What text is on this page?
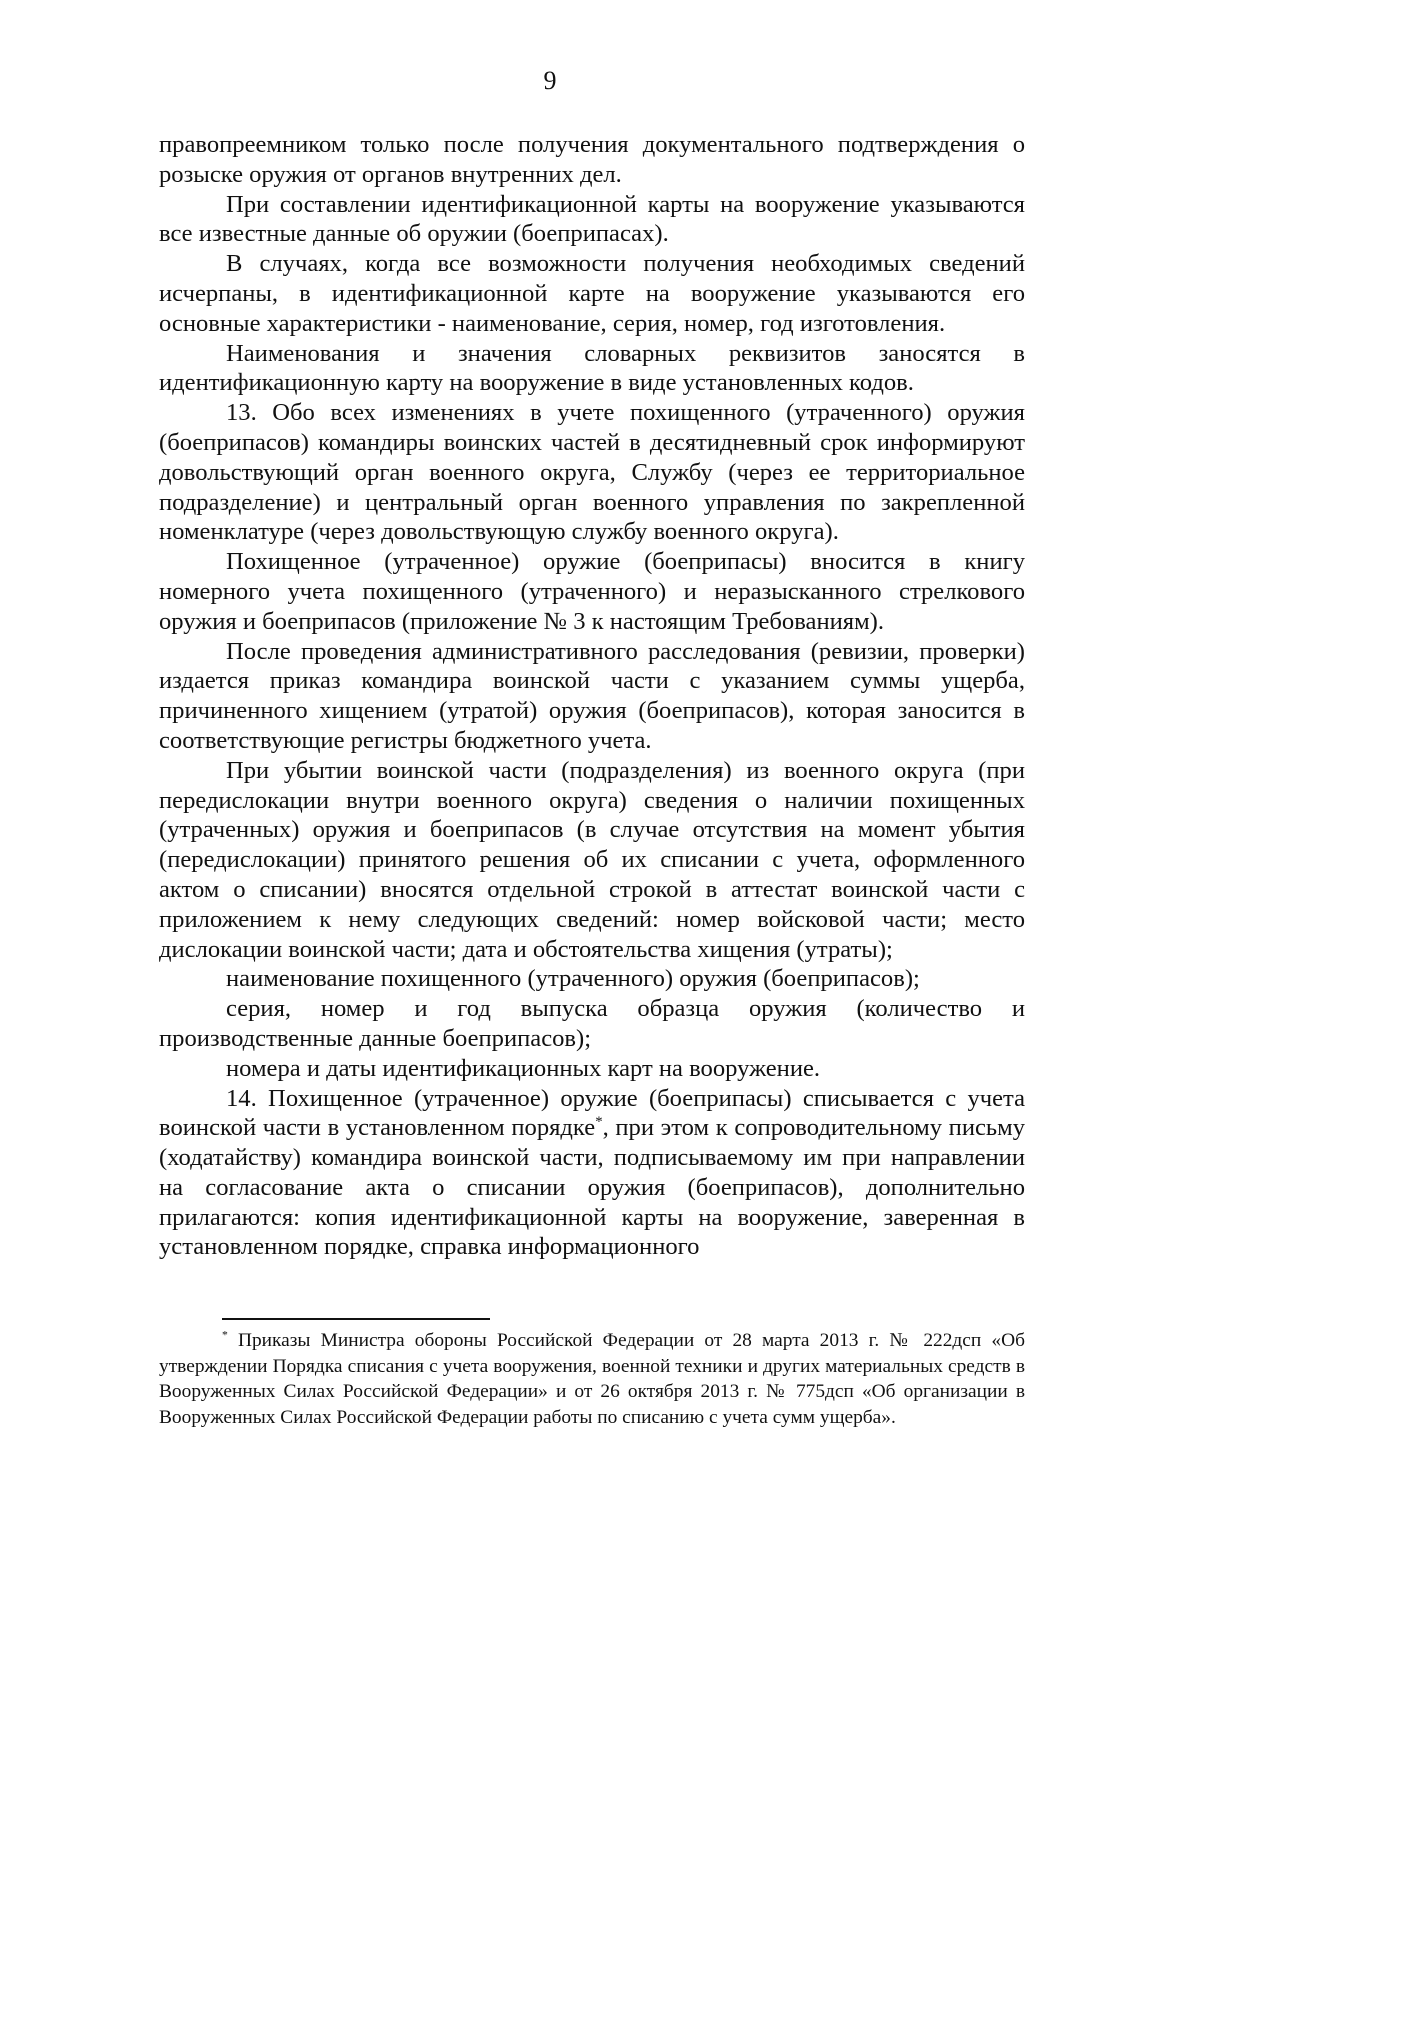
9

правопреемником только после получения документального подтверждения о розыске оружия от органов внутренних дел.

При составлении идентификационной карты на вооружение указываются все известные данные об оружии (боеприпасах).

В случаях, когда все возможности получения необходимых сведений исчерпаны, в идентификационной карте на вооружение указываются его основные характеристики - наименование, серия, номер, год изготовления.

Наименования и значения словарных реквизитов заносятся в идентификационную карту на вооружение в виде установленных кодов.

13. Обо всех изменениях в учете похищенного (утраченного) оружия (боеприпасов) командиры воинских частей в десятидневный срок информируют довольствующий орган военного округа, Службу (через ее территориальное подразделение) и центральный орган военного управления по закрепленной номенклатуре (через довольствующую службу военного округа).

Похищенное (утраченное) оружие (боеприпасы) вносится в книгу номерного учета похищенного (утраченного) и неразысканного стрелкового оружия и боеприпасов (приложение № 3 к настоящим Требованиям).

После проведения административного расследования (ревизии, проверки) издается приказ командира воинской части с указанием суммы ущерба, причиненного хищением (утратой) оружия (боеприпасов), которая заносится в соответствующие регистры бюджетного учета.

При убытии воинской части (подразделения) из военного округа (при передислокации внутри военного округа) сведения о наличии похищенных (утраченных) оружия и боеприпасов (в случае отсутствия на момент убытия (передислокации) принятого решения об их списании с учета, оформленного актом о списании) вносятся отдельной строкой в аттестат воинской части с приложением к нему следующих сведений: номер войсковой части; место дислокации воинской части; дата и обстоятельства хищения (утраты);

наименование похищенного (утраченного) оружия (боеприпасов);

серия, номер и год выпуска образца оружия (количество и производственные данные боеприпасов);

номера и даты идентификационных карт на вооружение.

14. Похищенное (утраченное) оружие (боеприпасы) списывается с учета воинской части в установленном порядке*, при этом к сопроводительному письму (ходатайству) командира воинской части, подписываемому им при направлении на согласование акта о списании оружия (боеприпасов), дополнительно прилагаются: копия идентификационной карты на вооружение, заверенная в установленном порядке, справка информационного

* Приказы Министра обороны Российской Федерации от 28 марта 2013 г. № 222дсп «Об утверждении Порядка списания с учета вооружения, военной техники и других материальных средств в Вооруженных Силах Российской Федерации» и от 26 октября 2013 г. № 775дсп «Об организации в Вооруженных Силах Российской Федерации работы по списанию с учета сумм ущерба».
